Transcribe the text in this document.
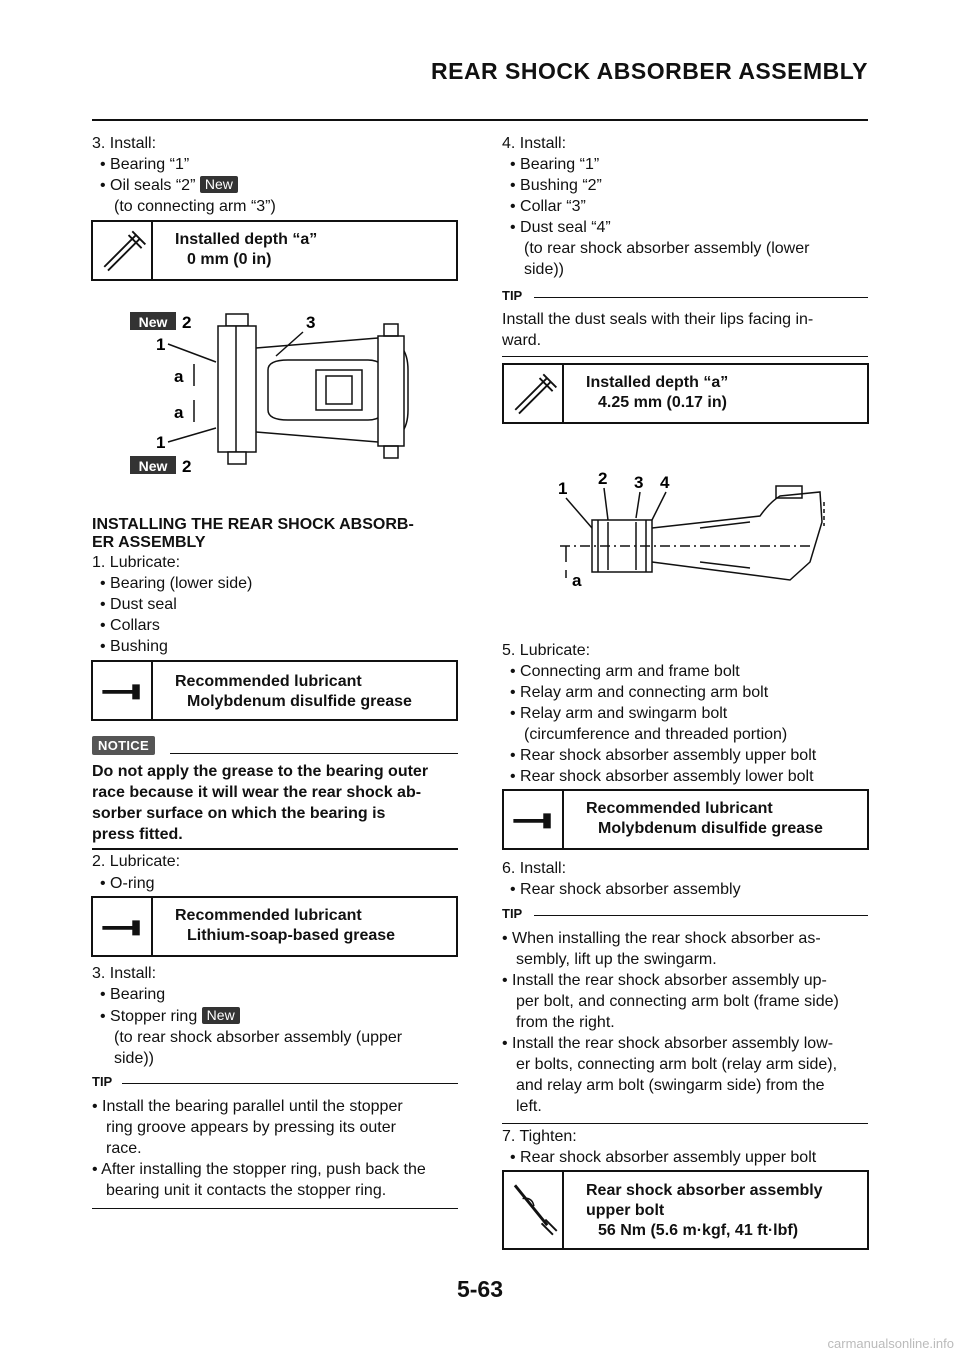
REAR SHOCK ABSORBER ASSEMBLY
3. Install:
• Bearing “1”
• Oil seals “2” New
(to connecting arm “3”)
Installed depth “a”
0 mm (0 in)
New
New
2
2
3
1
1
a
a
INSTALLING THE REAR SHOCK ABSORB-
ER ASSEMBLY
1. Lubricate:
• Bearing (lower side)
• Dust seal
• Collars
• Bushing
Recommended lubricant
Molybdenum disulfide grease
NOTICE
Do not apply the grease to the bearing outer
race because it will wear the rear shock ab-
sorber surface on which the bearing is
press fitted.
2. Lubricate:
• O-ring
Recommended lubricant
Lithium-soap-based grease
3. Install:
• Bearing
• Stopper ring New
(to rear shock absorber assembly (upper
side))
TIP
• Install the bearing parallel until the stopper
ring groove appears by pressing its outer
race.
• After installing the stopper ring, push back the
bearing unit it contacts the stopper ring.
4. Install:
• Bearing “1”
• Bushing “2”
• Collar “3”
• Dust seal “4”
(to rear shock absorber assembly (lower
side))
TIP
Install the dust seals with their lips facing in-
ward.
Installed depth “a”
4.25 mm (0.17 in)
1
2 3 4
a
5. Lubricate:
• Connecting arm and frame bolt
• Relay arm and connecting arm bolt
• Relay arm and swingarm bolt
(circumference and threaded portion)
• Rear shock absorber assembly upper bolt
• Rear shock absorber assembly lower bolt
Recommended lubricant
Molybdenum disulfide grease
6. Install:
• Rear shock absorber assembly
TIP
• When installing the rear shock absorber as-
sembly, lift up the swingarm.
• Install the rear shock absorber assembly up-
per bolt, and connecting arm bolt (frame side)
from the right.
• Install the rear shock absorber assembly low-
er bolts, connecting arm bolt (relay arm side),
and relay arm bolt (swingarm side) from the
left.
7. Tighten:
• Rear shock absorber assembly upper bolt
Rear shock absorber assembly
upper bolt
56 Nm (5.6 m·kgf, 41 ft·lbf)
5-63
carmanualsonline.info
